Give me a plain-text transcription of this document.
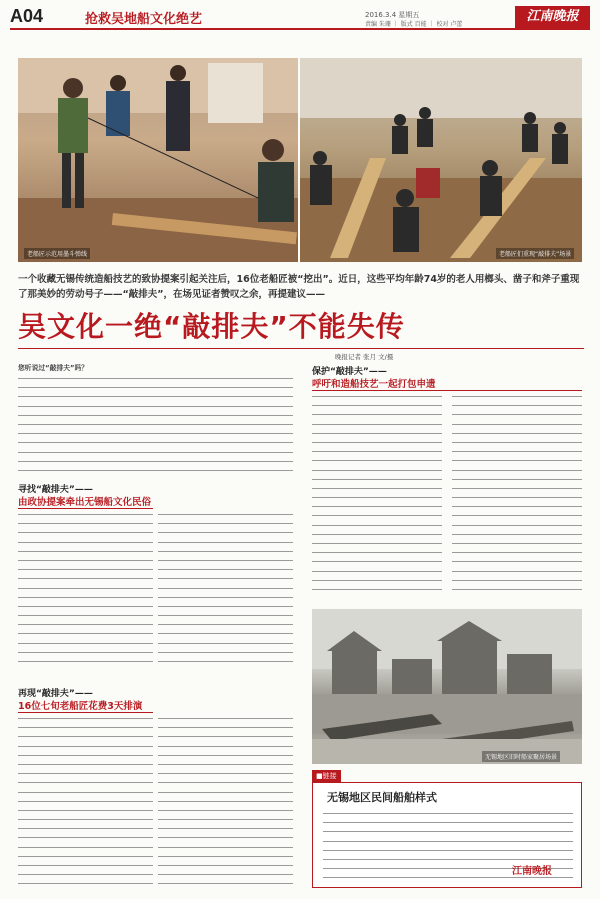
A04	抢救吴地船文化绝艺	2016.3.4 星期五
责编 朱珊 ｜ 版式 百能 ｜ 校对 卢蕾
江南晚报
老船匠示范用墨斗弹线	老船匠们重现“敲排夫”场景
一个收藏无锡传统造船技艺的致协提案引起关注后，16位老船匠被“挖出”。近日，这些平均年龄74岁的老人用榔头、凿子和斧子重现了那美妙的劳动号子——“敲排夫”，在场见证者赞叹之余，再提建议——
吴文化一绝“敲排夫”不能失传
晚报记者 张月 文/摄
您听说过“敲排夫”吗？
寻找“敲排夫”——
由政协提案牵出无锡船文化民俗
再现“敲排夫”——
16位七旬老船匠花费3天排演
保护“敲排夫”——
呼吁和造船技艺一起打包申遗
无锡地区旧时船家聚居场景
■链接
无锡地区民间船舶样式
江南晚报
